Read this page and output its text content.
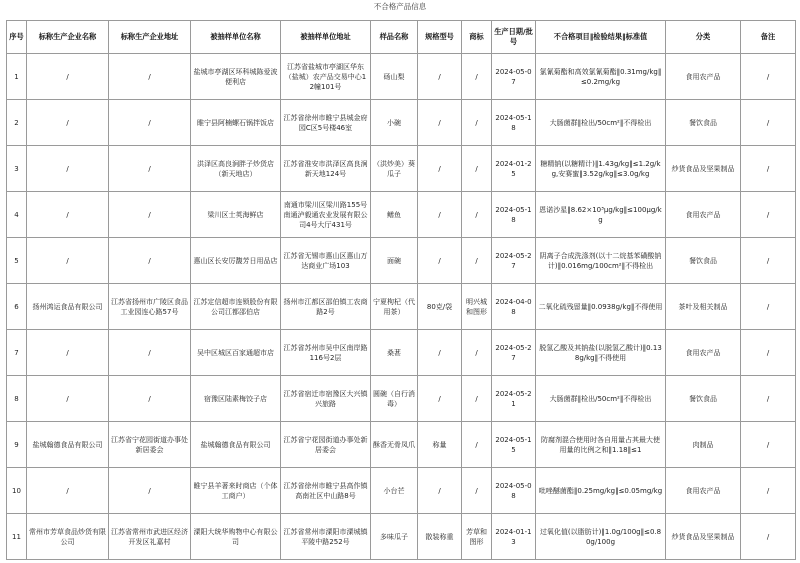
不合格产品信息
序号	标称生产企业名称	标称生产企业地址	被抽样单位名称	被抽样单位地址	样品名称	规格型号	商标	生产日期/批号	不合格项目‖检验结果‖标准值	分类	备注
1	/	/	盐城市亭湖区环科城陈爱波便利店	江苏省盐城市亭湖区华东（盐城）农产品交易中心12幢101号	砀山梨	/	/	2024-05-07	氯氰菊酯和高效氯氰菊酯‖0.31mg/kg‖≤0.2mg/kg	食用农产品	/
2	/	/	睢宁县阿楠螺石锅拌饭店	江苏省徐州市睢宁县城金府园C区5号楼46室	小碗	/	/	2024-05-18	大肠菌群‖检出/50cm²‖不得检出	餐饮食品	/
3	/	/	洪泽区高良涧胖子炒货店（新天地店）	江苏省淮安市洪泽区高良涧新天地124号	（洪炒美）葵瓜子	/	/	2024-01-25	糖精钠(以糖精计)‖1.43g/kg‖≤1.2g/kg,安赛蜜‖3.52g/kg‖≤3.0g/kg	炒货食品及坚果制品	/
4	/	/	梁川区士英海鲜店	南通市梁川区梁川路155号南通泸毅通农业发展有限公司4号大厅431号	鳝鱼	/	/	2024-05-18	恩诺沙星‖8.62×10³μg/kg‖≤100μg/kg	食用农产品	/
5	/	/	惠山区长安厉馥芳日用品店	江苏省无锡市惠山区惠山万达商业广场103	面碗	/	/	2024-05-27	阴离子合成洗涤剂(以十二烷基苯磺酸钠计)‖0.016mg/100cm²‖不得检出	餐饮食品	/
6	扬州鸿运食品有限公司	江苏省扬州市广陵区食品工业园连心路57号	江苏定信超市连锁股份有限公司江都邵伯店	扬州市江都区邵伯镇工农商路2号	宁夏枸杞（代用茶）	80克/袋	明兴城和图形	2024-04-08	二氧化硫残留量‖0.0938g/kg‖不得使用	茶叶及相关制品	/
7	/	/	吴中区城区百家通超市店	江苏省苏州市吴中区南岸路116号2层	桑葚	/	/	2024-05-27	脱氢乙酸及其钠盐(以脱氢乙酸计)‖0.138g/kg‖不得使用	食用农产品	/
8	/	/	宿豫区陆素梅饺子店	江苏省宿迁市宿豫区大兴镇兴旅路	圆碗（自行消毒）	/	/	2024-05-21	大肠菌群‖检出/50cm²‖不得检出	餐饮食品	/
9	盐城翰德食品有限公司	江苏省宁花园街道办事处新居委会	盐城翰德食品有限公司	江苏省宁花园街道办事处新居委会	酥香无骨凤爪	称量	/	2024-05-15	防腐剂混合使用时各自用量占其最大使用量的比例之和‖1.18‖≤1	肉制品	/
10	/	/	睢宁县羊著来时商店（个体工商户）	江苏省徐州市睢宁县高作镇高南社区中山路8号	小台芒	/	/	2024-05-08	吡唑醚菌酯‖0.25mg/kg‖≤0.05mg/kg	食用农产品	/
11	常州市芳草食品炒货有限公司	江苏省常州市武进区经济开发区礼嘉村	溧阳大统华购物中心有限公司	江苏省常州市溧阳市溧城镇平陵中路252号	多味瓜子	散装称重	芳草和图形	2024-01-13	过氧化值(以脂肪计)‖1.0g/100g‖≤0.80g/100g	炒货食品及坚果制品	/
